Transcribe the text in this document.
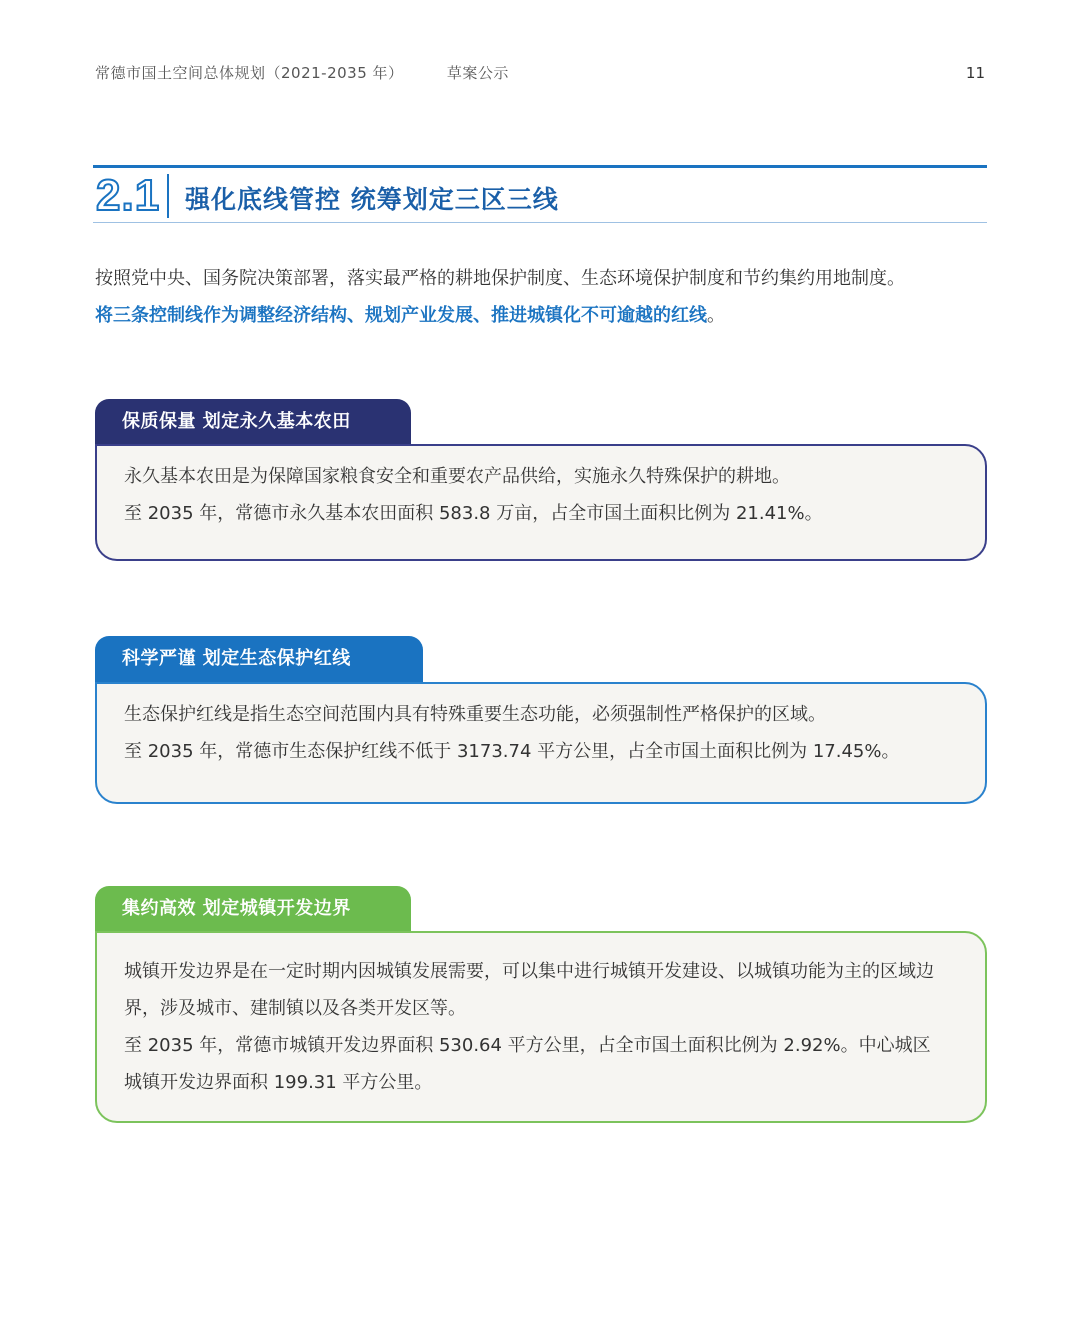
常德市国土空间总体规划（2021-2035 年）	草案公示	11
2.1 强化底线管控 统筹划定三区三线
按照党中央、国务院决策部署，落实最严格的耕地保护制度、生态环境保护制度和节约集约用地制度。
将三条控制线作为调整经济结构、规划产业发展、推进城镇化不可逾越的红线。
保质保量 划定永久基本农田

永久基本农田是为保障国家粮食安全和重要农产品供给，实施永久特殊保护的耕地。

至 2035 年，常德市永久基本农田面积 583.8 万亩，占全市国土面积比例为 21.41%。

科学严谨 划定生态保护红线

生态保护红线是指生态空间范围内具有特殊重要生态功能，必须强制性严格保护的区域。

至 2035 年，常德市生态保护红线不低于 3173.74 平方公里，占全市国土面积比例为 17.45%。

集约高效 划定城镇开发边界

城镇开发边界是在一定时期内因城镇发展需要，可以集中进行城镇开发建设、以城镇功能为主的区域边界，涉及城市、建制镇以及各类开发区等。

至 2035 年，常德市城镇开发边界面积 530.64 平方公里，占全市国土面积比例为 2.92%。中心城区城镇开发边界面积 199.31 平方公里。
